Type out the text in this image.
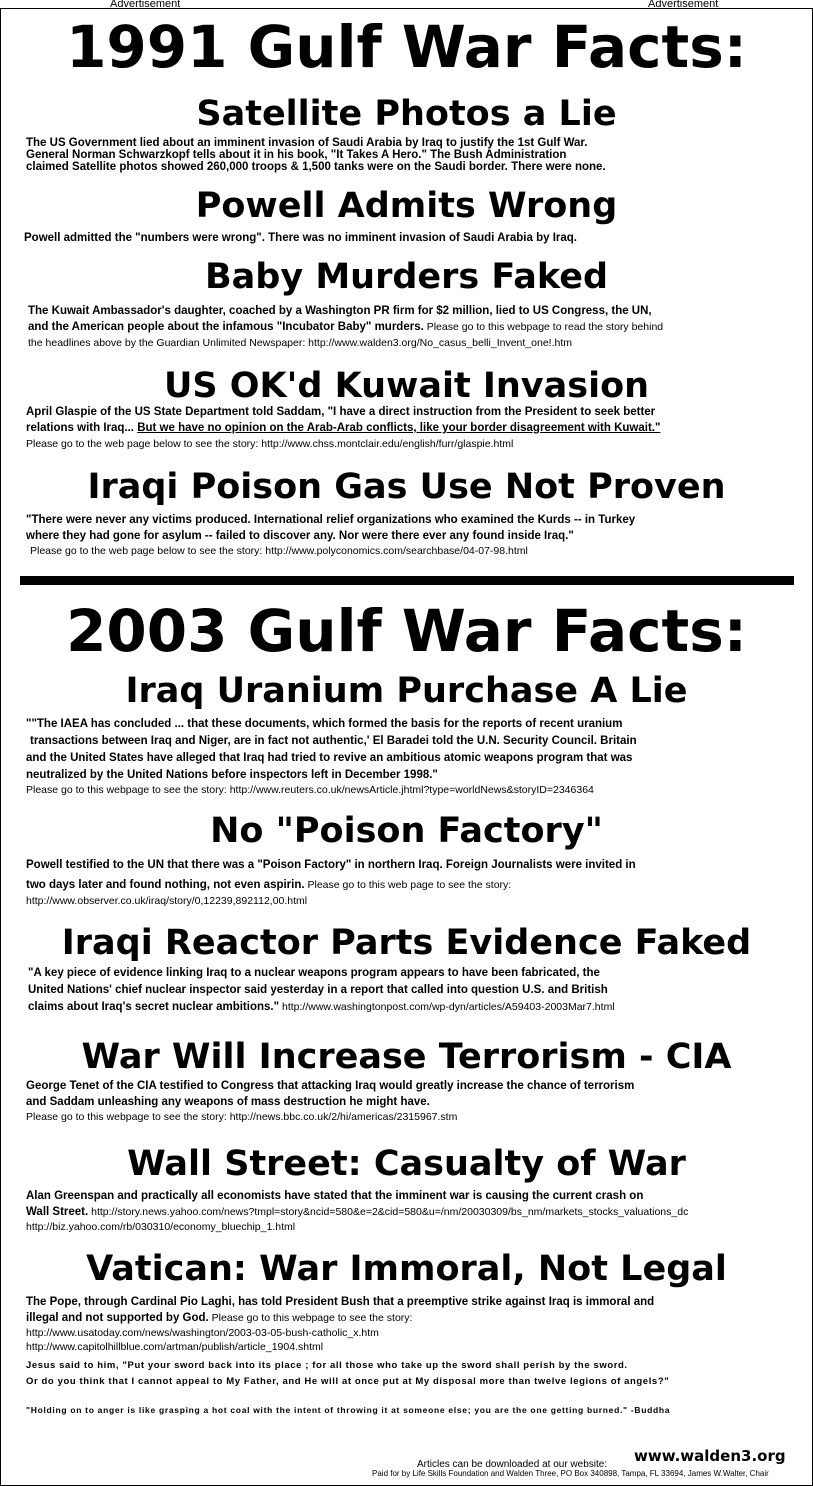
Advertisement	Advertisement
1991 Gulf War Facts:
Satellite Photos a Lie
The US Government lied about an imminent invasion of Saudi Arabia by Iraq to justify the 1st Gulf War.
General Norman Schwarzkopf tells about it in his book, "It Takes A Hero." The Bush Administration
claimed Satellite photos showed 260,000 troops & 1,500 tanks were on the Saudi border. There were none.
Powell Admits Wrong
Powell admitted the "numbers were wrong". There was no imminent invasion of Saudi Arabia by Iraq.
Baby Murders Faked
The Kuwait Ambassador's daughter, coached by a Washington PR firm for $2 million, lied to US Congress, the UN,
and the American people about the infamous "Incubator Baby" murders. Please go to this webpage to read the story behind
the headlines above by the Guardian Unlimited Newspaper: http://www.walden3.org/No_casus_belli_Invent_one!.htm
US OK'd Kuwait Invasion
April Glaspie of the US State Department told Saddam, "I have a direct instruction from the President to seek better
relations with Iraq... But we have no opinion on the Arab-Arab conflicts, like your border disagreement with Kuwait."
Please go to the web page below to see the story: http://www.chss.montclair.edu/english/furr/glaspie.html
Iraqi Poison Gas Use Not Proven
"There were never any victims produced. International relief organizations who examined the Kurds -- in Turkey
where they had gone for asylum -- failed to discover any. Nor were there ever any found inside Iraq."
Please go to the web page below to see the story: http://www.polyconomics.com/searchbase/04-07-98.html
2003 Gulf War Facts:
Iraq Uranium Purchase A Lie
""The IAEA has concluded ... that these documents, which formed the basis for the reports of recent uranium
transactions between Iraq and Niger, are in fact not authentic,' El Baradei told the U.N. Security Council. Britain
and the United States have alleged that Iraq had tried to revive an ambitious atomic weapons program that was
neutralized by the United Nations before inspectors left in December 1998."
Please go to this webpage to see the story: http://www.reuters.co.uk/newsArticle.jhtml?type=worldNews&storyID=2346364
No "Poison Factory"
Powell testified to the UN that there was a "Poison Factory" in northern Iraq. Foreign Journalists were invited in
two days later and found nothing, not even aspirin. Please go to this web page to see the story:
http://www.observer.co.uk/iraq/story/0,12239,892112,00.html
Iraqi Reactor Parts Evidence Faked
"A key piece of evidence linking Iraq to a nuclear weapons program appears to have been fabricated, the
United Nations' chief nuclear inspector said yesterday in a report that called into question U.S. and British
claims about Iraq's secret nuclear ambitions." http://www.washingtonpost.com/wp-dyn/articles/A59403-2003Mar7.html
War Will Increase Terrorism - CIA
George Tenet of the CIA testified to Congress that attacking Iraq would greatly increase the chance of terrorism
and Saddam unleashing any weapons of mass destruction he might have.
Please go to this webpage to see the story: http://news.bbc.co.uk/2/hi/americas/2315967.stm
Wall Street: Casualty of War
Alan Greenspan and practically all economists have stated that the imminent war is causing the current crash on
Wall Street. http://story.news.yahoo.com/news?tmpl=story&ncid=580&e=2&cid=580&u=/nm/20030309/bs_nm/markets_stocks_valuations_dc
http://biz.yahoo.com/rb/030310/economy_bluechip_1.html
Vatican: War Immoral, Not Legal
The Pope, through Cardinal Pio Laghi, has told President Bush that a preemptive strike against Iraq is immoral and
illegal and not supported by God. Please go to this webpage to see the story:
http://www.usatoday.com/news/washington/2003-03-05-bush-catholic_x.htm
http://www.capitolhillblue.com/artman/publish/article_1904.shtml
Jesus said to him, "Put your sword back into its place ; for all those who take up the sword shall perish by the sword.
Or do you think that I cannot appeal to My Father, and He will at once put at My disposal more than twelve legions of angels?"
"Holding on to anger is like grasping a hot coal with the intent of throwing it at someone else; you are the one getting burned." -Buddha
Articles can be downloaded at our website: www.walden3.org
Paid for by Life Skills Foundation and Walden Three, PO Box 340898, Tampa, FL 33694, James W.Walter, Chair
